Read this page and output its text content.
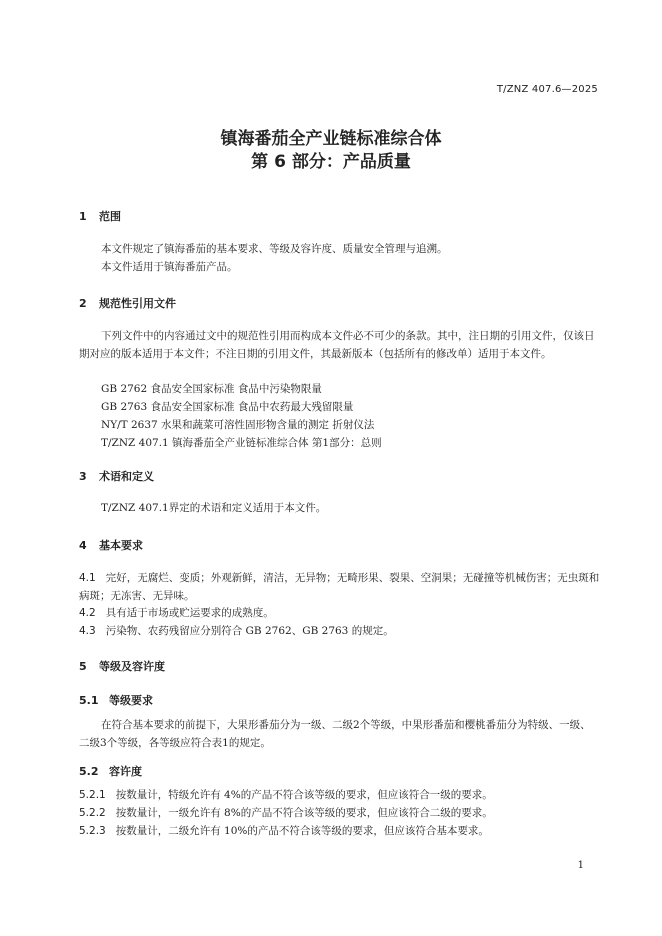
T/ZNZ 407.6—2025
镇海番茄全产业链标准综合体
第 6 部分：产品质量
1 范围
本文件规定了镇海番茄的基本要求、等级及容许度、质量安全管理与追溯。
本文件适用于镇海番茄产品。
2 规范性引用文件
下列文件中的内容通过文中的规范性引用而构成本文件必不可少的条款。其中，注日期的引用文件，仅该日期对应的版本适用于本文件；不注日期的引用文件，其最新版本（包括所有的修改单）适用于本文件。
GB 2762 食品安全国家标准 食品中污染物限量
GB 2763 食品安全国家标准 食品中农药最大残留限量
NY/T 2637 水果和蔬菜可溶性固形物含量的测定 折射仪法
T/ZNZ 407.1 镇海番茄全产业链标准综合体 第1部分：总则
3 术语和定义
T/ZNZ 407.1界定的术语和定义适用于本文件。
4 基本要求
4.1 完好，无腐烂、变质；外观新鲜，清洁，无异物；无畸形果、裂果、空洞果；无碰撞等机械伤害；无虫斑和病斑；无冻害、无异味。
4.2 具有适于市场或贮运要求的成熟度。
4.3 污染物、农药残留应分别符合 GB 2762、GB 2763 的规定。
5 等级及容许度
5.1 等级要求
在符合基本要求的前提下，大果形番茄分为一级、二级2个等级，中果形番茄和樱桃番茄分为特级、一级、二级3个等级，各等级应符合表1的规定。
5.2 容许度
5.2.1 按数量计，特级允许有 4%的产品不符合该等级的要求，但应该符合一级的要求。
5.2.2 按数量计，一级允许有 8%的产品不符合该等级的要求，但应该符合二级的要求。
5.2.3 按数量计，二级允许有 10%的产品不符合该等级的要求，但应该符合基本要求。
1
